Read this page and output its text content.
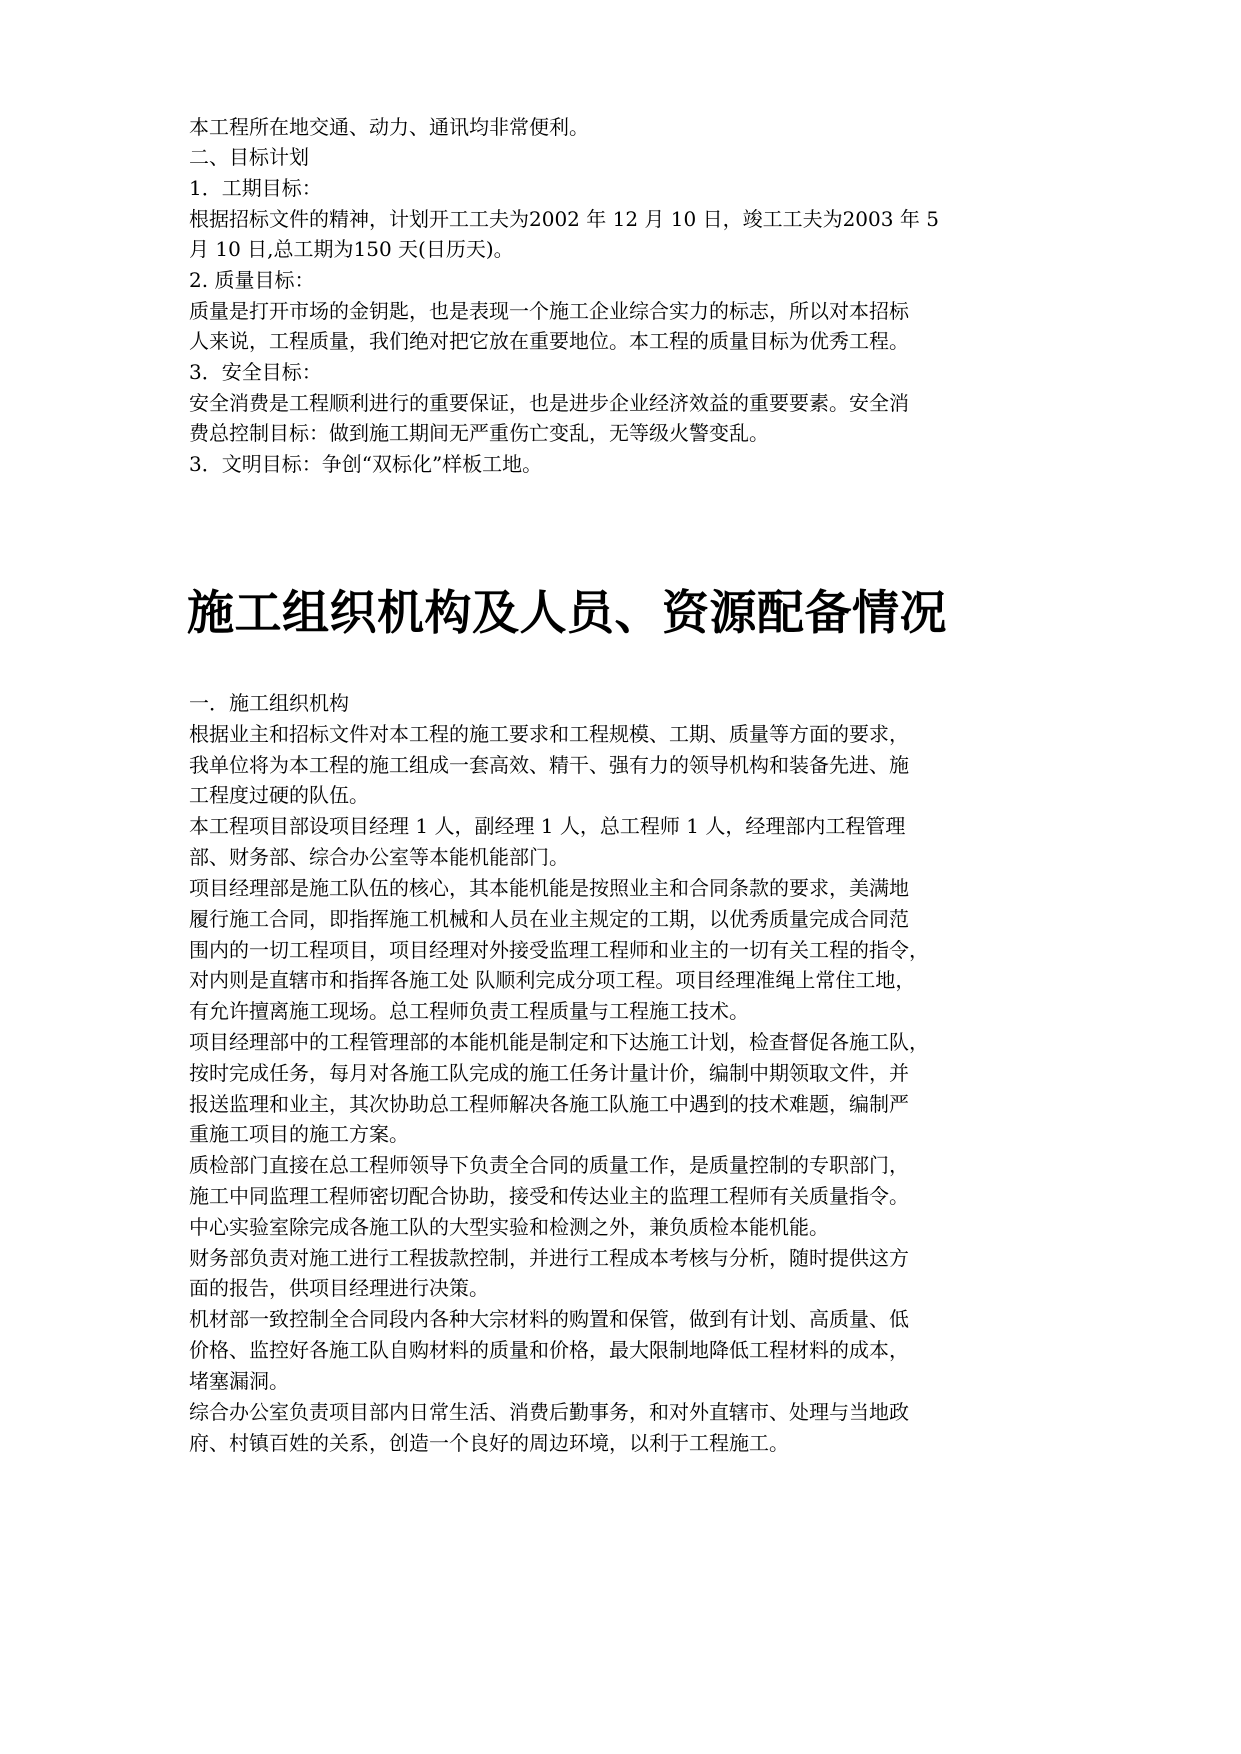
本工程所在地交通、动力、通讯均非常便利。
二、目标计划
1．工期目标：
根据招标文件的精神，计划开工工夫为2002 年 12 月 10 日，竣工工夫为2003 年 5
月 10 日,总工期为150 天(日历天)。
2. 质量目标：
质量是打开市场的金钥匙，也是表现一个施工企业综合实力的标志，所以对本招标
人来说，工程质量，我们绝对把它放在重要地位。本工程的质量目标为优秀工程。
3．安全目标：
安全消费是工程顺利进行的重要保证，也是进步企业经济效益的重要要素。安全消
费总控制目标：做到施工期间无严重伤亡变乱，无等级火警变乱。
3．文明目标：争创“双标化”样板工地。
施工组织机构及人员、资源配备情况
一．施工组织机构
根据业主和招标文件对本工程的施工要求和工程规模、工期、质量等方面的要求，
我单位将为本工程的施工组成一套高效、精干、强有力的领导机构和装备先进、施
工程度过硬的队伍。
本工程项目部设项目经理 1 人，副经理 1 人，总工程师 1 人，经理部内工程管理
部、财务部、综合办公室等本能机能部门。
项目经理部是施工队伍的核心，其本能机能是按照业主和合同条款的要求，美满地
履行施工合同，即指挥施工机械和人员在业主规定的工期，以优秀质量完成合同范
围内的一切工程项目，项目经理对外接受监理工程师和业主的一切有关工程的指令，
对内则是直辖市和指挥各施工处 队顺利完成分项工程。项目经理准绳上常住工地，
有允许擅离施工现场。总工程师负责工程质量与工程施工技术。
项目经理部中的工程管理部的本能机能是制定和下达施工计划，检查督促各施工队，
按时完成任务，每月对各施工队完成的施工任务计量计价，编制中期领取文件，并
报送监理和业主，其次协助总工程师解决各施工队施工中遇到的技术难题，编制严
重施工项目的施工方案。
质检部门直接在总工程师领导下负责全合同的质量工作，是质量控制的专职部门，
施工中同监理工程师密切配合协助，接受和传达业主的监理工程师有关质量指令。
中心实验室除完成各施工队的大型实验和检测之外，兼负质检本能机能。
财务部负责对施工进行工程拔款控制，并进行工程成本考核与分析，随时提供这方
面的报告，供项目经理进行决策。
机材部一致控制全合同段内各种大宗材料的购置和保管，做到有计划、高质量、低
价格、监控好各施工队自购材料的质量和价格，最大限制地降低工程材料的成本，
堵塞漏洞。
综合办公室负责项目部内日常生活、消费后勤事务，和对外直辖市、处理与当地政
府、村镇百姓的关系，创造一个良好的周边环境，以利于工程施工。
